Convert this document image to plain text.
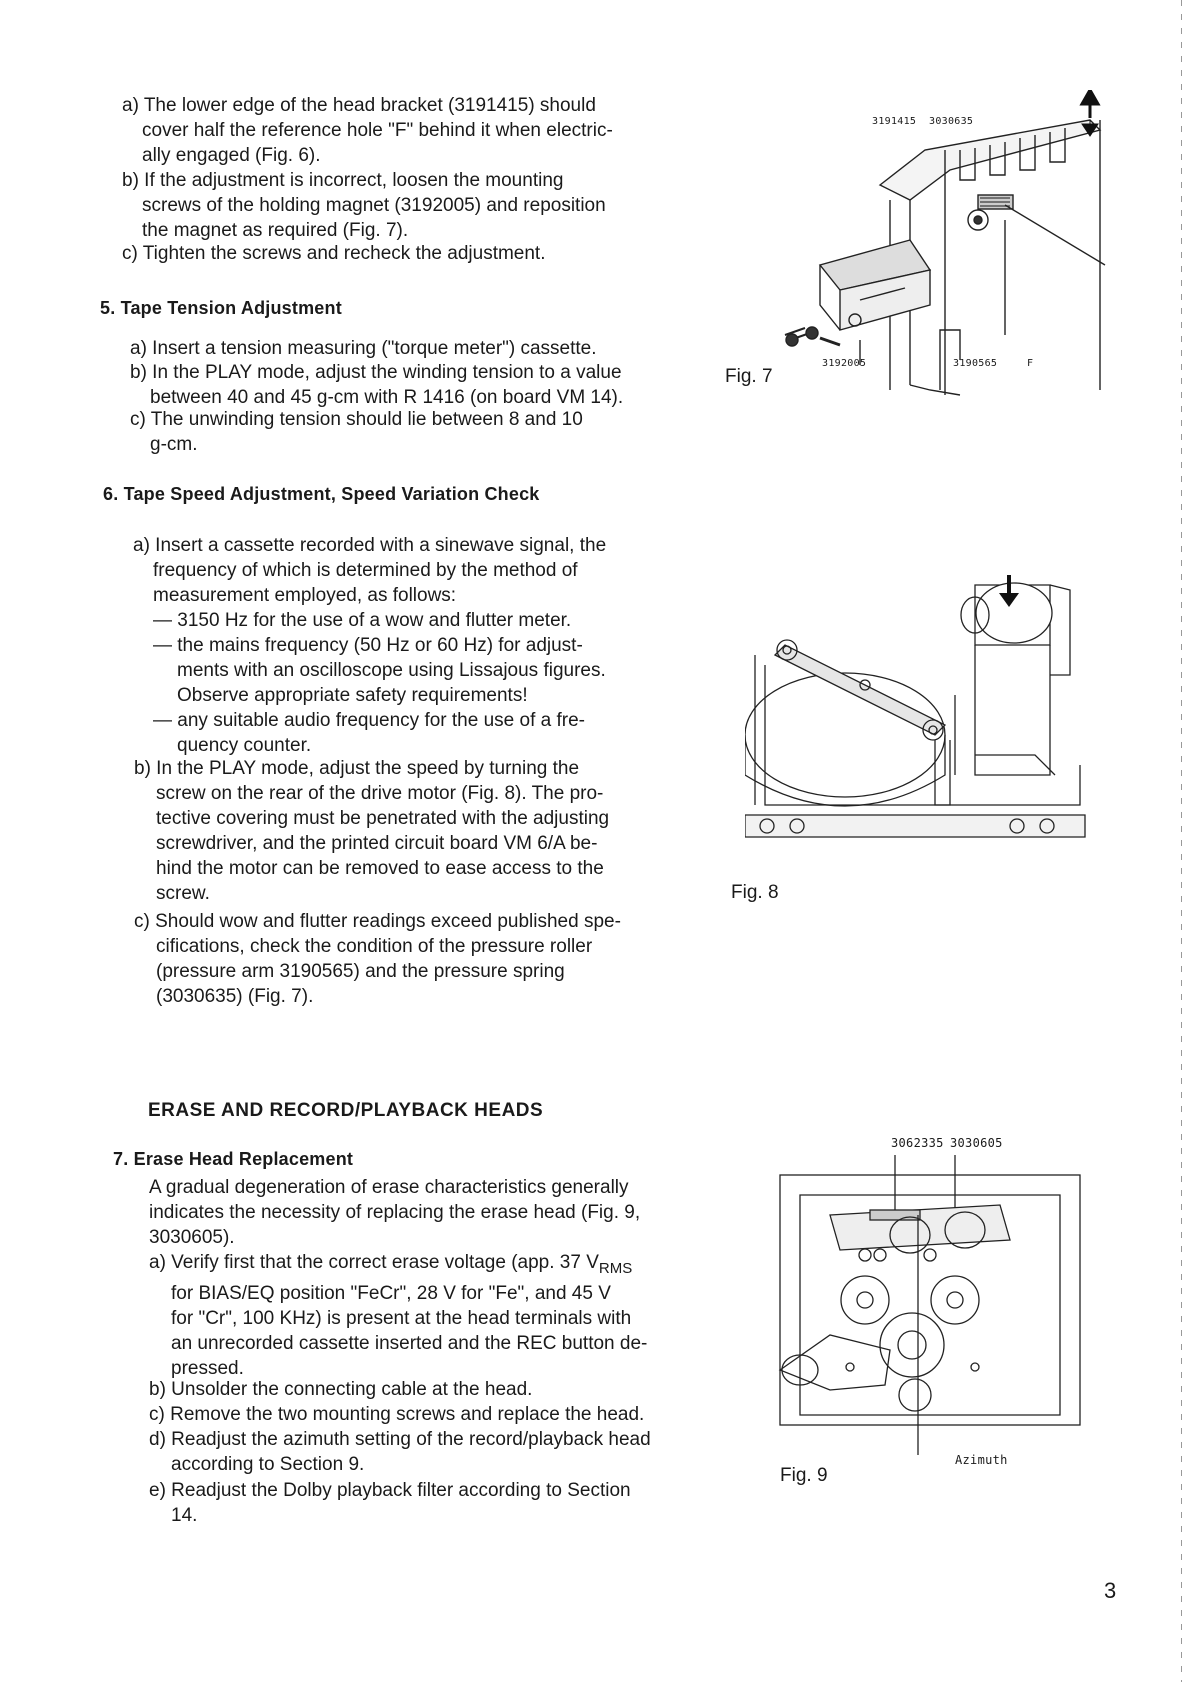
a) The lower edge of the head bracket (3191415) should
cover half the reference hole "F" behind it when electric-
ally engaged (Fig. 6).
b) If the adjustment is incorrect, loosen the mounting
screws of the holding magnet (3192005) and reposition
the magnet as required (Fig. 7).
c) Tighten the screws and recheck the adjustment.
5. Tape Tension Adjustment
a) Insert a tension measuring ("torque meter") cassette.
b) In the PLAY mode, adjust the winding tension to a value
between 40 and 45 g-cm with R 1416 (on board VM 14).
c) The unwinding tension should lie between 8 and 10
g-cm.
6. Tape Speed Adjustment, Speed Variation Check
a) Insert a cassette recorded with a sinewave signal, the
frequency of which is determined by the method of
measurement employed, as follows:
— 3150 Hz for the use of a wow and flutter meter.
— the mains frequency (50 Hz or 60 Hz) for adjust-
ments with an oscilloscope using Lissajous figures.
Observe appropriate safety requirements!
— any suitable audio frequency for the use of a fre-
quency counter.
b) In the PLAY mode, adjust the speed by turning the
screw on the rear of the drive motor (Fig. 8). The pro-
tective covering must be penetrated with the adjusting
screwdriver, and the printed circuit board VM 6/A be-
hind the motor can be removed to ease access to the
screw.
c) Should wow and flutter readings exceed published spe-
cifications, check the condition of the pressure roller
(pressure arm 3190565) and the pressure spring
(3030635) (Fig. 7).
ERASE AND RECORD/PLAYBACK HEADS
7. Erase Head Replacement
A gradual degeneration of erase characteristics generally
indicates the necessity of replacing the erase head (Fig. 9,
3030605).
a) Verify first that the correct erase voltage (app. 37 $V_{RMS}$
for BIAS/EQ position "FeCr", 28 V for "Fe", and 45 V
for "Cr", 100 KHz) is present at the head terminals with
an unrecorded cassette inserted and the REC button de-
pressed.
b) Unsolder the connecting cable at the head.
c) Remove the two mounting screws and replace the head.
d) Readjust the azimuth setting of the record/playback head
according to Section 9.
e) Readjust the Dolby playback filter according to Section
14.
3191415 3030635
3192005	3190565	F
Fig. 7
Fig. 8
3062335 3030605
Azimuth
Fig. 9
3
